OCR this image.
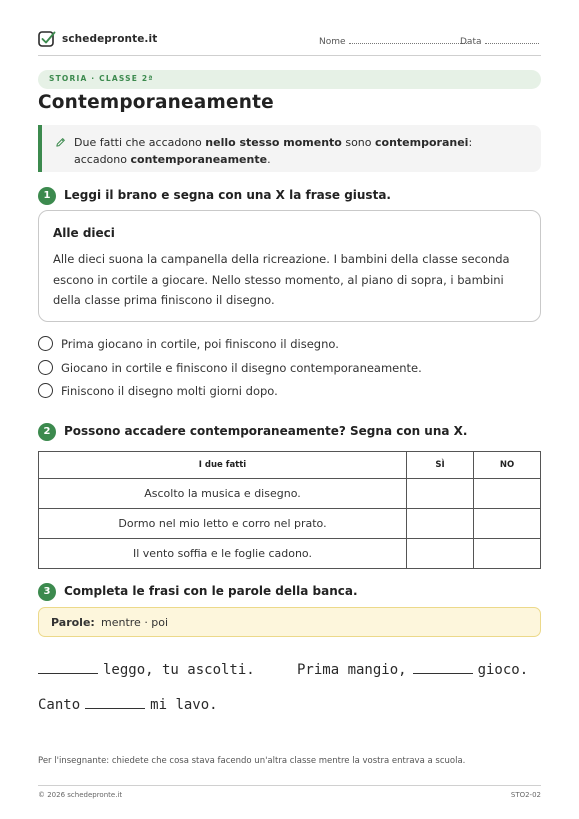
schedepronte.it	Nome	Data
STORIA · CLASSE 2ª
Contemporaneamente
Due fatti che accadono nello stesso momento sono contemporanei: accadono contemporaneamente.
1	Leggi il brano e segna con una X la frase giusta.
Alle dieci

Alle dieci suona la campanella della ricreazione. I bambini della classe seconda escono in cortile a giocare. Nello stesso momento, al piano di sopra, i bambini della classe prima finiscono il disegno.

Prima giocano in cortile, poi finiscono il disegno.
Giocano in cortile e finiscono il disegno contemporaneamente.
Finiscono il disegno molti giorni dopo.
2	Possono accadere contemporaneamente? Segna con una X.
I due fatti	SÌ	NO
Ascolto la musica e disegno.		
Dormo nel mio letto e corro nel prato.		
Il vento soffia e le foglie cadono.		
3	Completa le frasi con le parole della banca.
Parole: mentre · poi
leggo, tu ascolti.	Prima mangio,	gioco.
Canto	mi lavo.
Per l'insegnante: chiedete che cosa stava facendo un'altra classe mentre la vostra entrava a scuola.
© 2026 schedepronte.it	STO2-02
